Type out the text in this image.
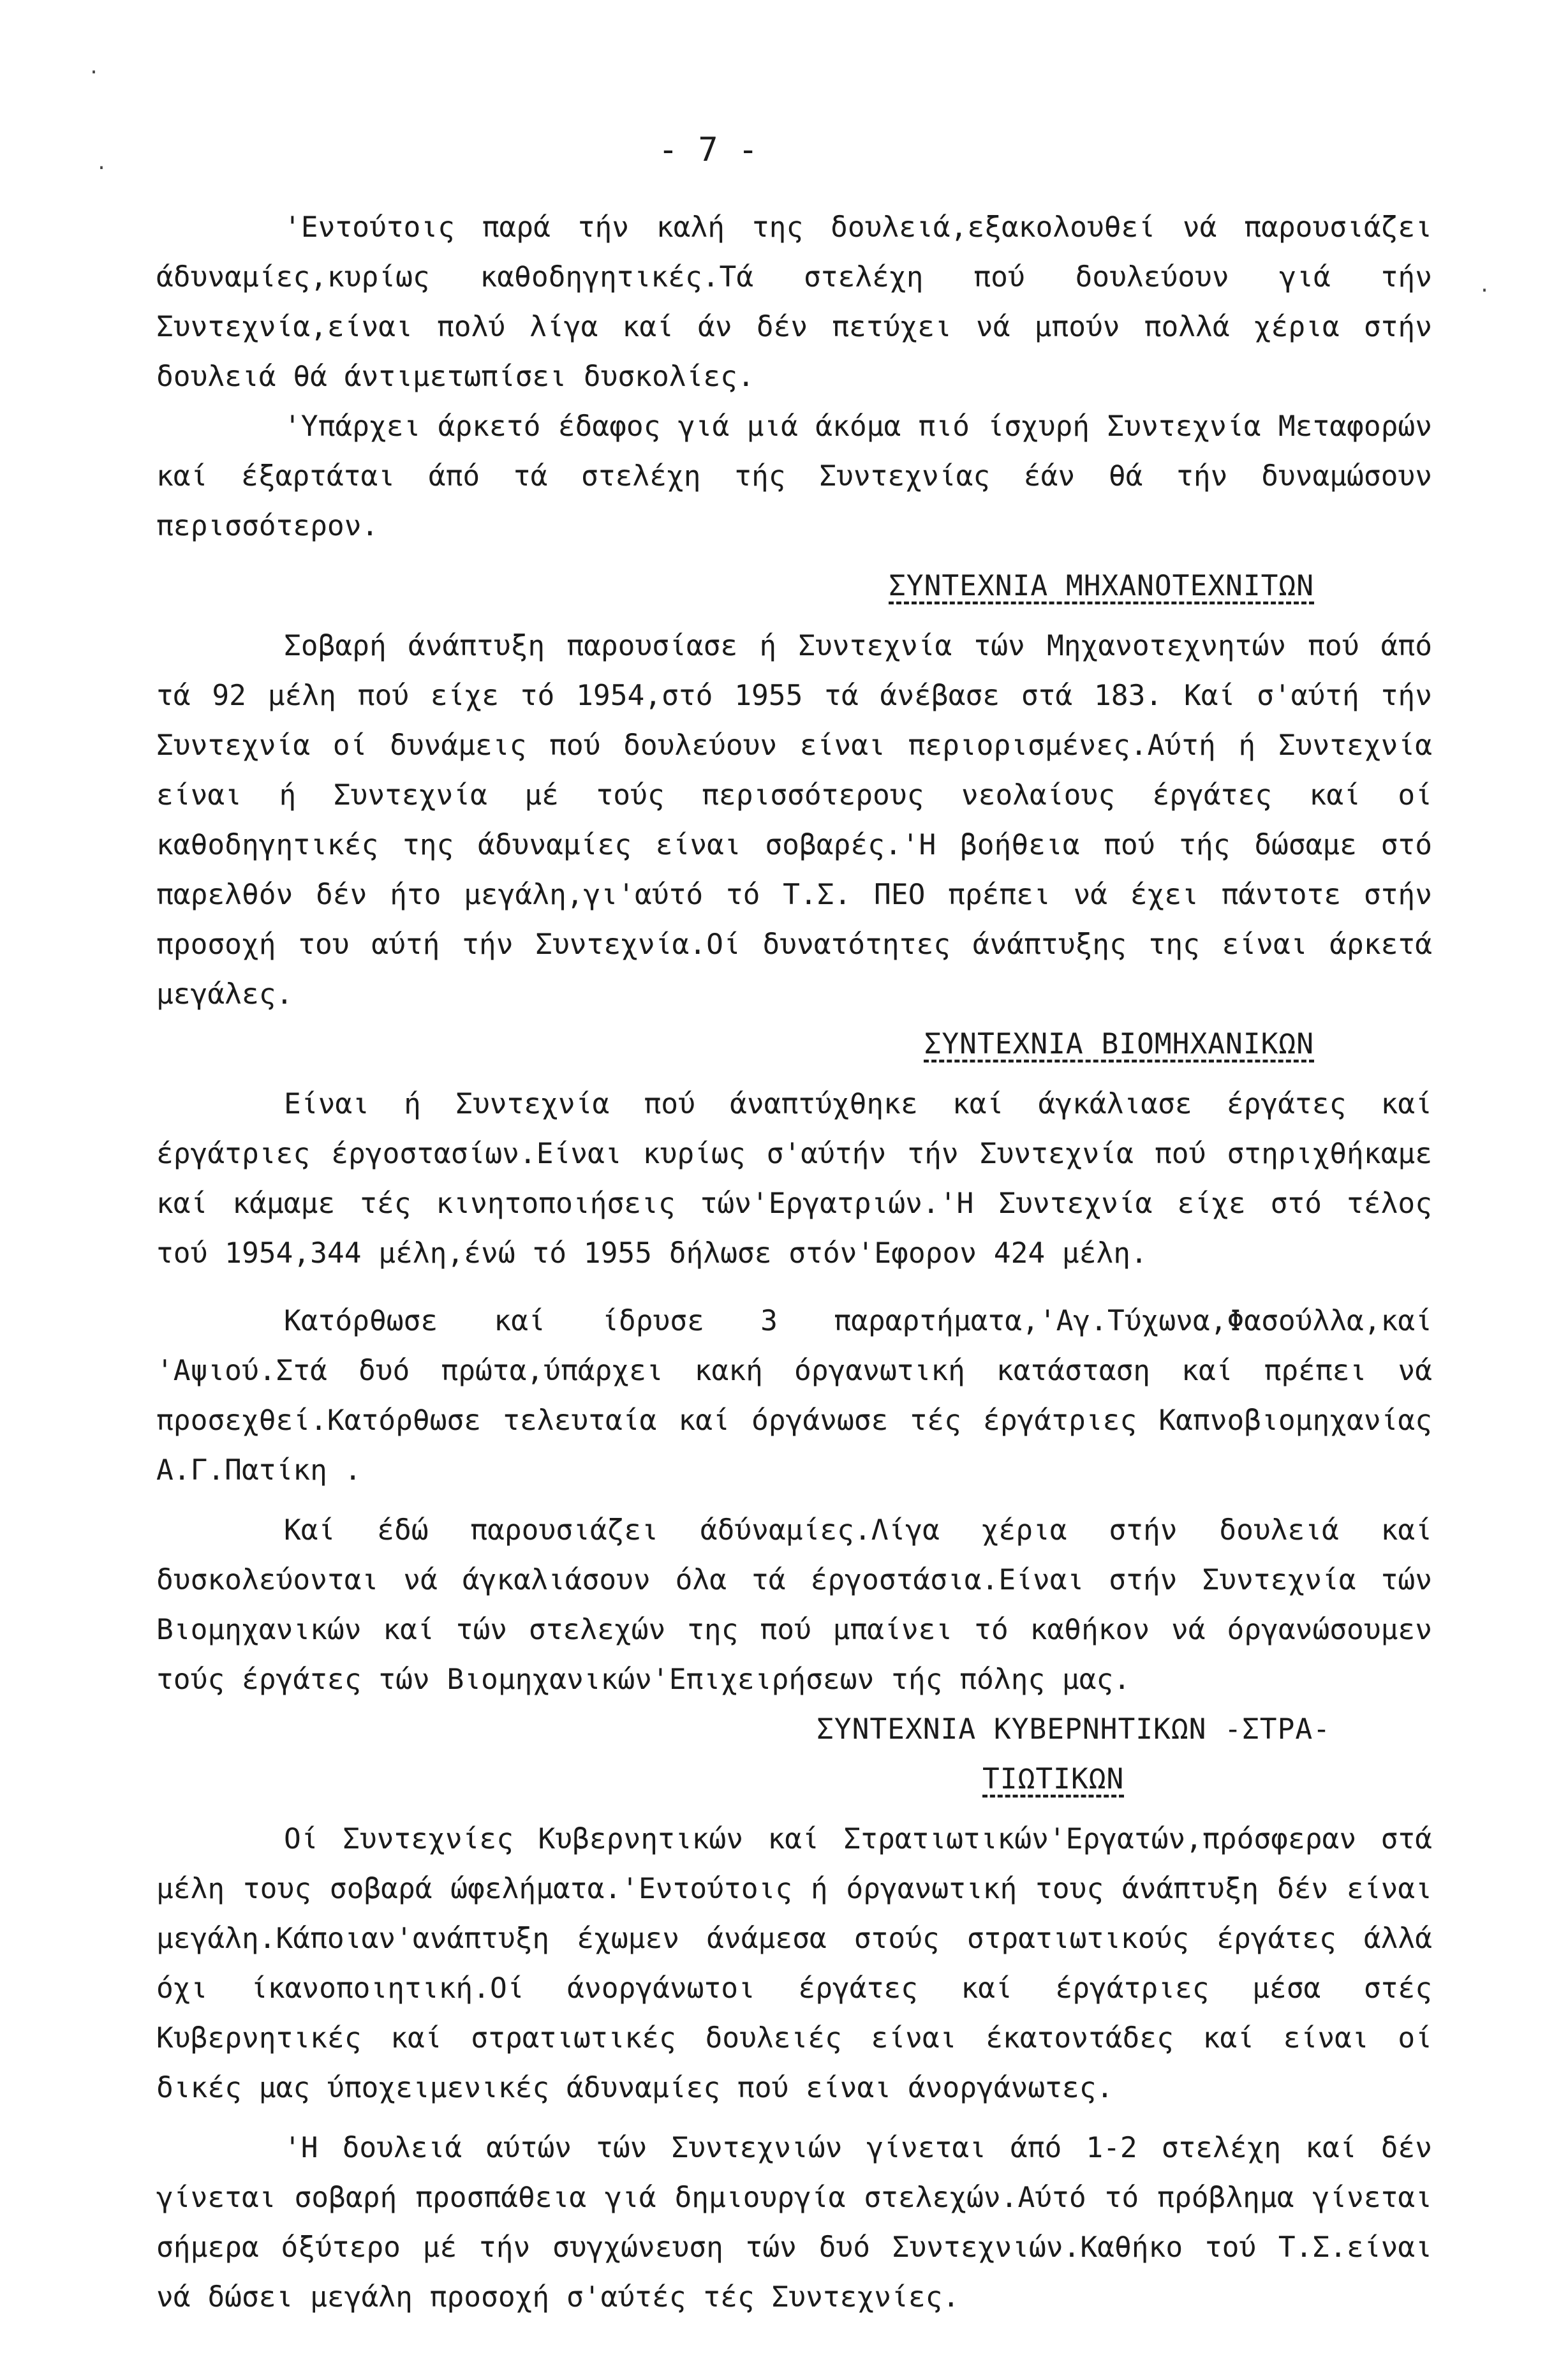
.
.
.
- 7 -

'Εντούτοις παρά τήν καλή της δουλειά,εξακολουθεί νά παρουσιάζει άδυναμίες,κυρίως καθοδηγητικές.Τά στελέχη πού δουλεύουν γιά τήν Συντεχνία,είναι πολύ λίγα καί άν δέν πετύχει νά μπούν πολλά χέρια στήν δουλειά θά άντιμετωπίσει δυσκολίες.

'Υπάρχει άρκετό έδαφος γιά μιά άκόμα πιό ίσχυρή Συντεχνία Μεταφορών καί έξαρτάται άπό τά στελέχη τής Συντεχνίας έάν θά τήν δυναμώσουν περισσότερον.

ΣΥΝΤΕΧΝΙΑ ΜΗΧΑΝΟΤΕΧΝΙΤΩΝ

Σοβαρή άνάπτυξη παρουσίασε ή Συντεχνία τών Μηχανοτεχνητών πού άπό τά 92 μέλη πού είχε τό 1954,στό 1955 τά άνέβασε στά 183. Καί σ'αύτή τήν Συντεχνία οί δυνάμεις πού δουλεύουν είναι περιορισμένες.Αύτή ή Συντεχνία είναι ή Συντεχνία μέ τούς περισσότερους νεολαίους έργάτες καί οί καθοδηγητικές της άδυναμίες είναι σοβαρές.'Η βοήθεια πού τής δώσαμε στό παρελθόν δέν ήτο μεγάλη,γι'αύτό τό Τ.Σ. ΠΕΟ πρέπει νά έχει πάντοτε στήν προσοχή του αύτή τήν Συντεχνία.Οί δυνατότητες άνάπτυξης της είναι άρκετά μεγάλες.

ΣΥΝΤΕΧΝΙΑ ΒΙΟΜΗΧΑΝΙΚΩΝ

Είναι ή Συντεχνία πού άναπτύχθηκε καί άγκάλιασε έργάτες καί έργάτριες έργοστασίων.Είναι κυρίως σ'αύτήν τήν Συντεχνία πού στηριχθήκαμε καί κάμαμε τές κινητοποιήσεις τών'Εργατριών.'Η Συντεχνία είχε στό τέλος τού 1954,344 μέλη,ένώ τό 1955 δήλωσε στόν'Εφορον 424 μέλη.

Κατόρθωσε καί ίδρυσε 3 παραρτήματα,'Αγ.Τύχωνα,Φασούλλα,καί 'Αψιού.Στά δυό πρώτα,ύπάρχει κακή όργανωτική κατάσταση καί πρέπει νά προσεχθεί.Κατόρθωσε τελευταία καί όργάνωσε τές έργάτριες Καπνοβιομηχανίας Α.Γ.Πατίκη .

Καί έδώ παρουσιάζει άδύναμίες.Λίγα χέρια στήν δουλειά καί δυσκολεύονται νά άγκαλιάσουν όλα τά έργοστάσια.Είναι στήν Συντεχνία τών Βιομηχανικών καί τών στελεχών της πού μπαίνει τό καθήκον νά όργανώσουμεν τούς έργάτες τών Βιομηχανικών'Επιχειρήσεων τής πόλης μας.

ΣΥΝΤΕΧΝΙΑ ΚΥΒΕΡΝΗΤΙΚΩΝ -ΣΤΡΑ-
ΤΙΩΤΙΚΩΝ

Οί Συντεχνίες Κυβερνητικών καί Στρατιωτικών'Εργατών,πρόσφεραν στά μέλη τους σοβαρά ώφελήματα.'Εντούτοις ή όργανωτική τους άνάπτυξη δέν είναι μεγάλη.Κάποιαν'ανάπτυξη έχωμεν άνάμεσα στούς στρατιωτικούς έργάτες άλλά όχι ίκανοποιητική.Οί άνοργάνωτοι έργάτες καί έργάτριες μέσα στές Κυβερνητικές καί στρατιωτικές δουλειές είναι έκατοντάδες καί είναι οί δικές μας ύποχειμενικές άδυναμίες πού είναι άνοργάνωτες.

'Η δουλειά αύτών τών Συντεχνιών γίνεται άπό 1-2 στελέχη καί δέν γίνεται σοβαρή προσπάθεια γιά δημιουργία στελεχών.Αύτό τό πρόβλημα γίνεται σήμερα όξύτερο μέ τήν συγχώνευση τών δυό Συντεχνιών.Καθήκο τού Τ.Σ.είναι νά δώσει μεγάλη προσοχή σ'αύτές τές Συντεχνίες.
